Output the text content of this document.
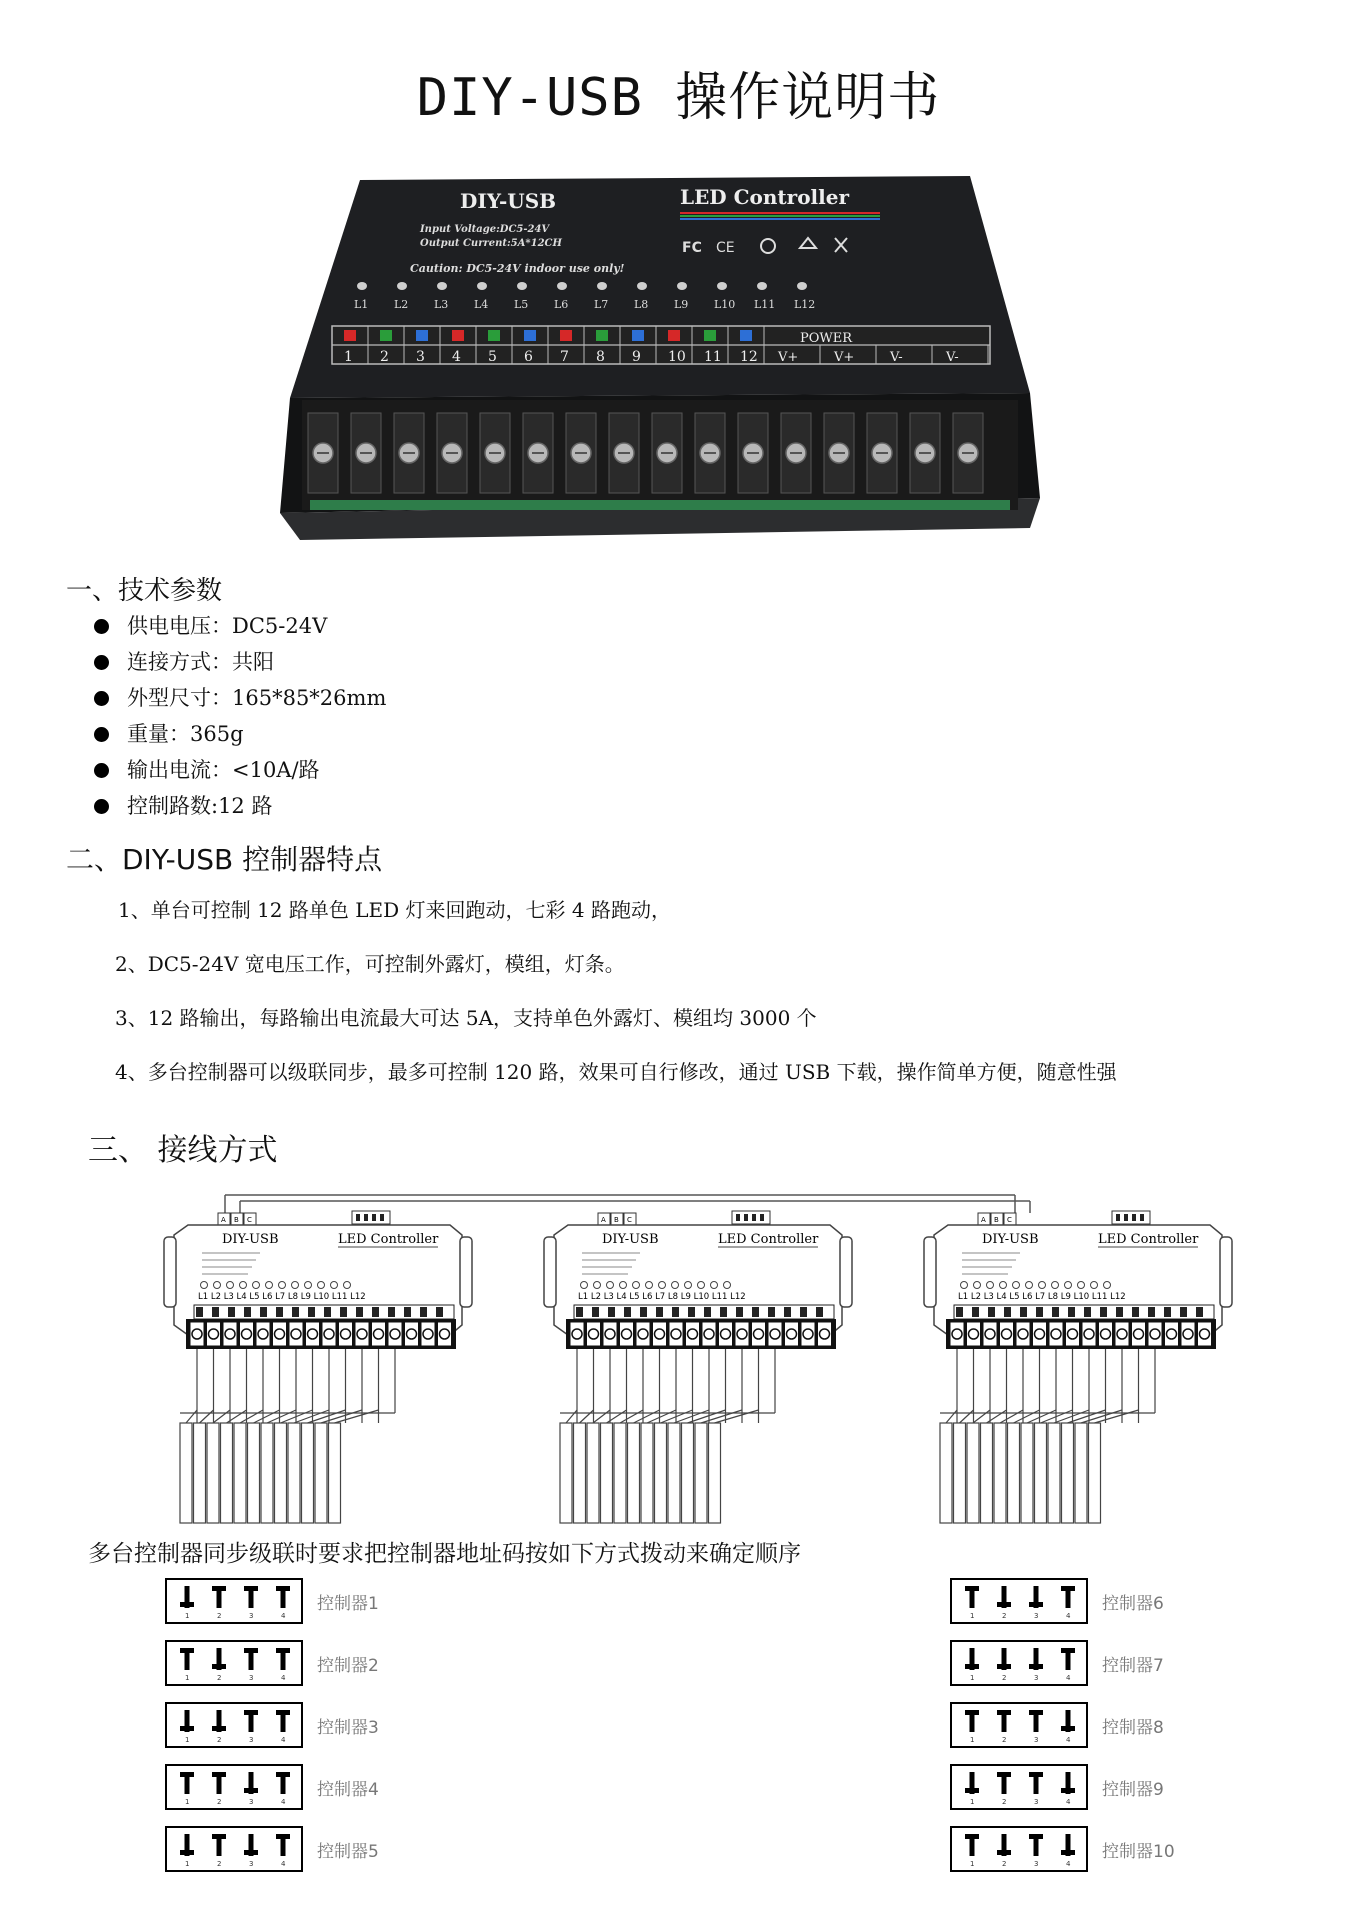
DIY-USB 操作说明书
DIY-USB	LED Controller
Input Voltage:DC5-24V
Output Current:5A*12CH
Caution: DC5-24V indoor use only!
FC CE
L1 L2 L3 L4 L5 L6 L7 L8 L9 L10 L11 L12
1 2 3 4 5 6 7 8 9 10 11 12 V+	V+	V-	V-
POWER
一、技术参数
供电电压：DC5-24V
连接方式：共阳
外型尺寸：165*85*26mm
重量：365g
输出电流：<10A/路
控制路数:12 路
二、DIY-USB 控制器特点
1、单台可控制 12 路单色 LED 灯来回跑动，七彩 4 路跑动，
2、DC5-24V 宽电压工作，可控制外露灯，模组，灯条。
3、12 路输出，每路输出电流最大可达 5A，支持单色外露灯、模组均 3000 个
4、多台控制器可以级联同步，最多可控制 120 路，效果可自行修改，通过 USB 下载，操作简单方便，随意性强
三、 接线方式
A B C
DIY-USB	LED Controller
L1 L2 L3 L4 L5 L6 L7 L8 L9 L10 L11 L12
A B C
DIY-USB	LED Controller
L1 L2 L3 L4 L5 L6 L7 L8 L9 L10 L11 L12
A B C
DIY-USB	LED Controller
L1 L2 L3 L4 L5 L6 L7 L8 L9 L10 L11 L12
多台控制器同步级联时要求把控制器地址码按如下方式拨动来确定顺序
1	2	3	4
控制器1
1	2	3	4
控制器2
1	2	3	4
控制器3
1	2	3	4
控制器4
1	2	3	4
控制器5
1	2	3	4
控制器6
1	2	3	4
控制器7
1	2	3	4
控制器8
1	2	3	4
控制器9
1	2	3	4
控制器10
